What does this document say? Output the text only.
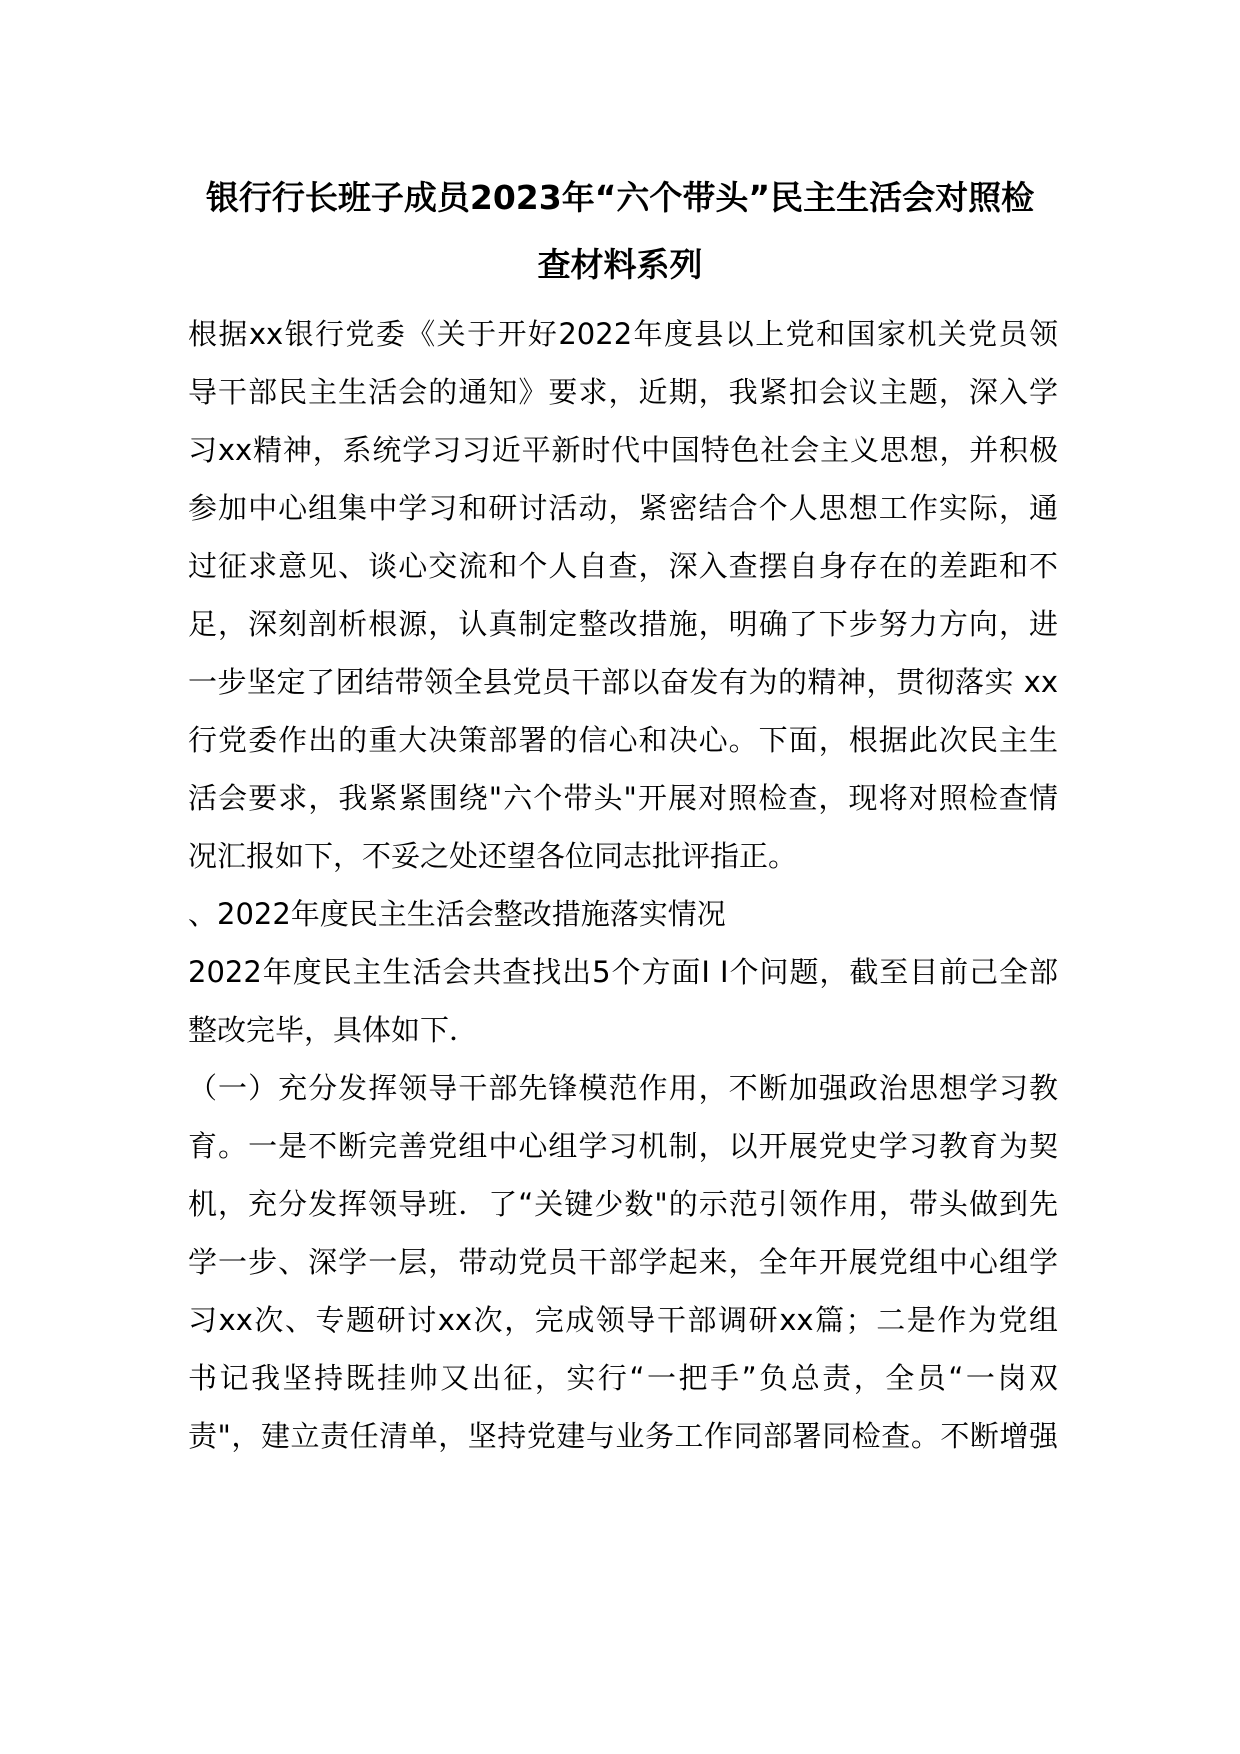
银行行长班子成员2023年“六个带头”民主生活会对照检
查材料系列
根据xx银行党委《关于开好2022年度县以上党和国家机关党员领
导干部民主生活会的通知》要求，近期，我紧扣会议主题，深入学
习xx精神，系统学习习近平新时代中国特色社会主义思想，并积极
参加中心组集中学习和研讨活动，紧密结合个人思想工作实际，通
过征求意见、谈心交流和个人自查，深入查摆自身存在的差距和不
足，深刻剖析根源，认真制定整改措施，明确了下步努力方向，进
一步坚定了团结带领全县党员干部以奋发有为的精神，贯彻落实 xx
行党委作出的重大决策部署的信心和决心。下面，根据此次民主生
活会要求，我紧紧围绕"六个带头"开展对照检查，现将对照检查情
况汇报如下，不妥之处还望各位同志批评指正。
、2022年度民主生活会整改措施落实情况
2022年度民主生活会共查找出5个方面I I个问题，截至目前己全部
整改完毕，具体如下．
（一）充分发挥领导干部先锋模范作用，不断加强政治思想学习教
育。一是不断完善党组中心组学习机制，以开展党史学习教育为契
机，充分发挥领导班．了“关键少数"的示范引领作用，带头做到先
学一步、深学一层，带动党员干部学起来，全年开展党组中心组学
习xx次、专题研讨xx次，完成领导干部调研xx篇；二是作为党组
书记我坚持既挂帅又出征，实行“一把手”负总责，全员“一岗双
责"，建立责任清单，坚持党建与业务工作同部署同检查。不断增强
